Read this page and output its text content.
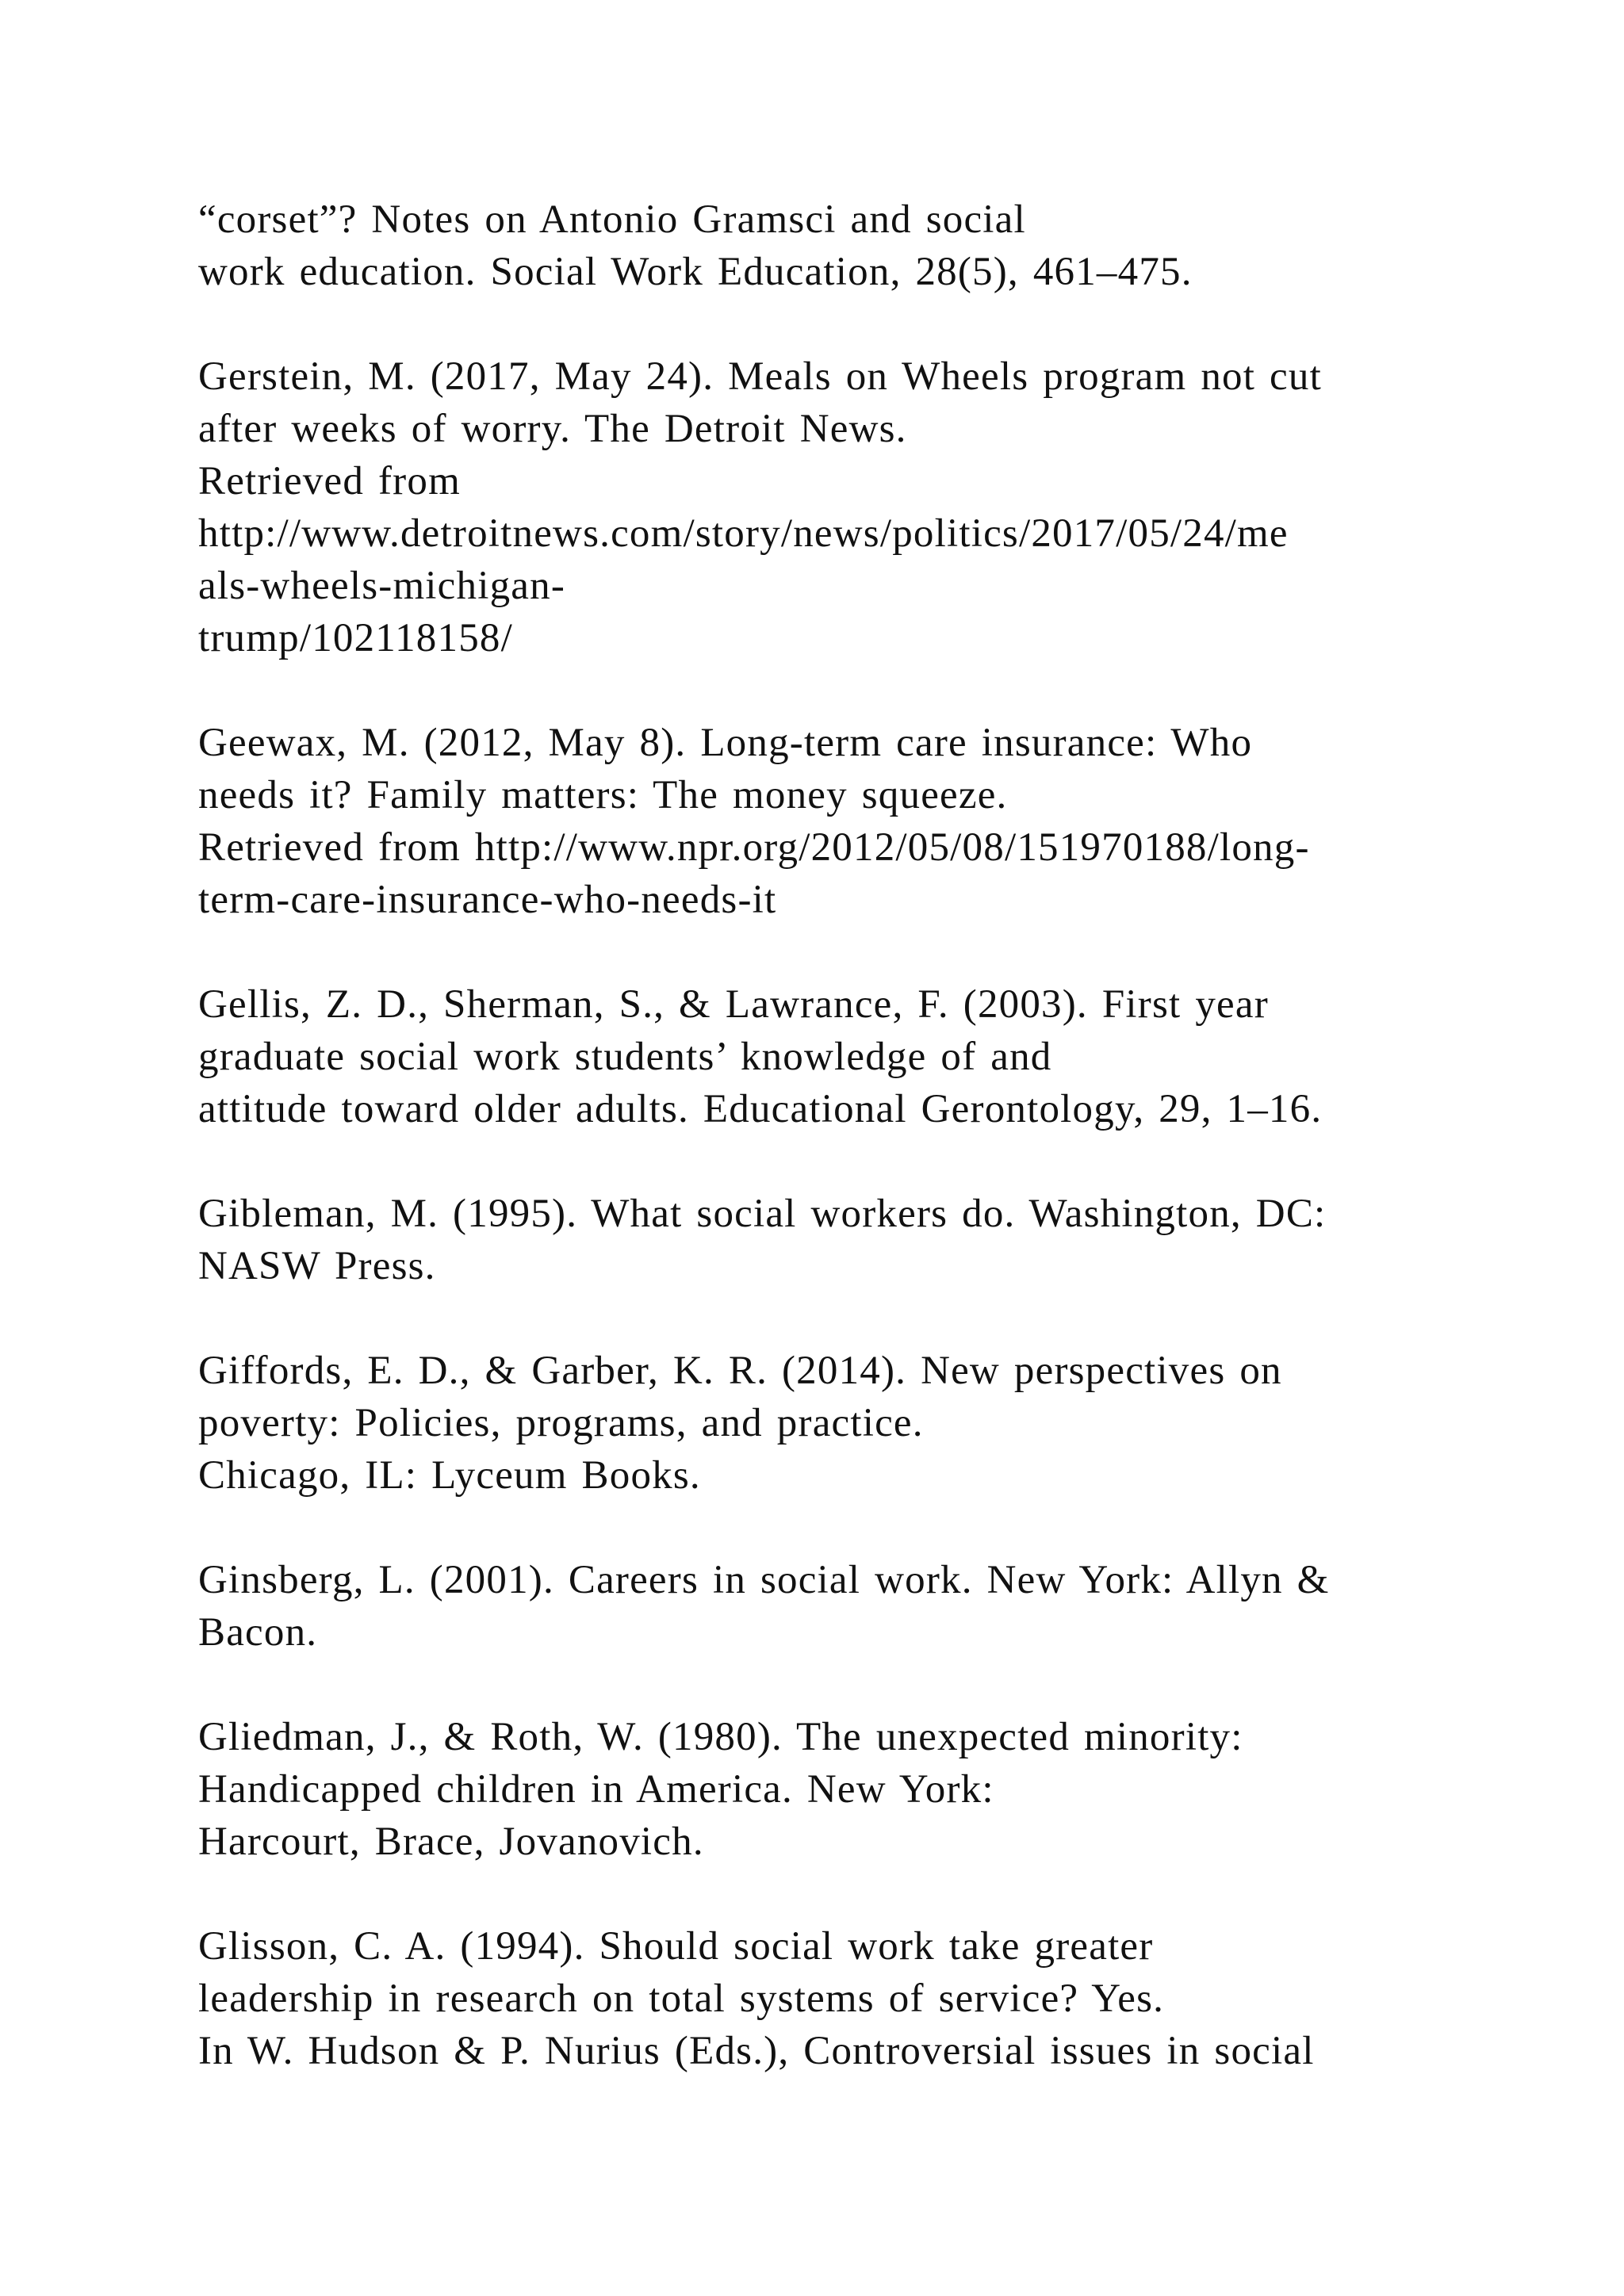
“corset”? Notes on Antonio Gramsci and social
work education. Social Work Education, 28(5), 461–475.
Gerstein, M. (2017, May 24). Meals on Wheels program not cut
after weeks of worry. The Detroit News.
Retrieved from
http://www.detroitnews.com/story/news/politics/2017/05/24/me
als-wheels-michigan-
trump/102118158/
Geewax, M. (2012, May 8). Long-term care insurance: Who
needs it? Family matters: The money squeeze.
Retrieved from http://www.npr.org/2012/05/08/151970188/long-
term-care-insurance-who-needs-it
Gellis, Z. D., Sherman, S., & Lawrance, F. (2003). First year
graduate social work students’ knowledge of and
attitude toward older adults. Educational Gerontology, 29, 1–16.
Gibleman, M. (1995). What social workers do. Washington, DC:
NASW Press.
Giffords, E. D., & Garber, K. R. (2014). New perspectives on
poverty: Policies, programs, and practice.
Chicago, IL: Lyceum Books.
Ginsberg, L. (2001). Careers in social work. New York: Allyn &
Bacon.
Gliedman, J., & Roth, W. (1980). The unexpected minority:
Handicapped children in America. New York:
Harcourt, Brace, Jovanovich.
Glisson, C. A. (1994). Should social work take greater
leadership in research on total systems of service? Yes.
In W. Hudson & P. Nurius (Eds.), Controversial issues in social
